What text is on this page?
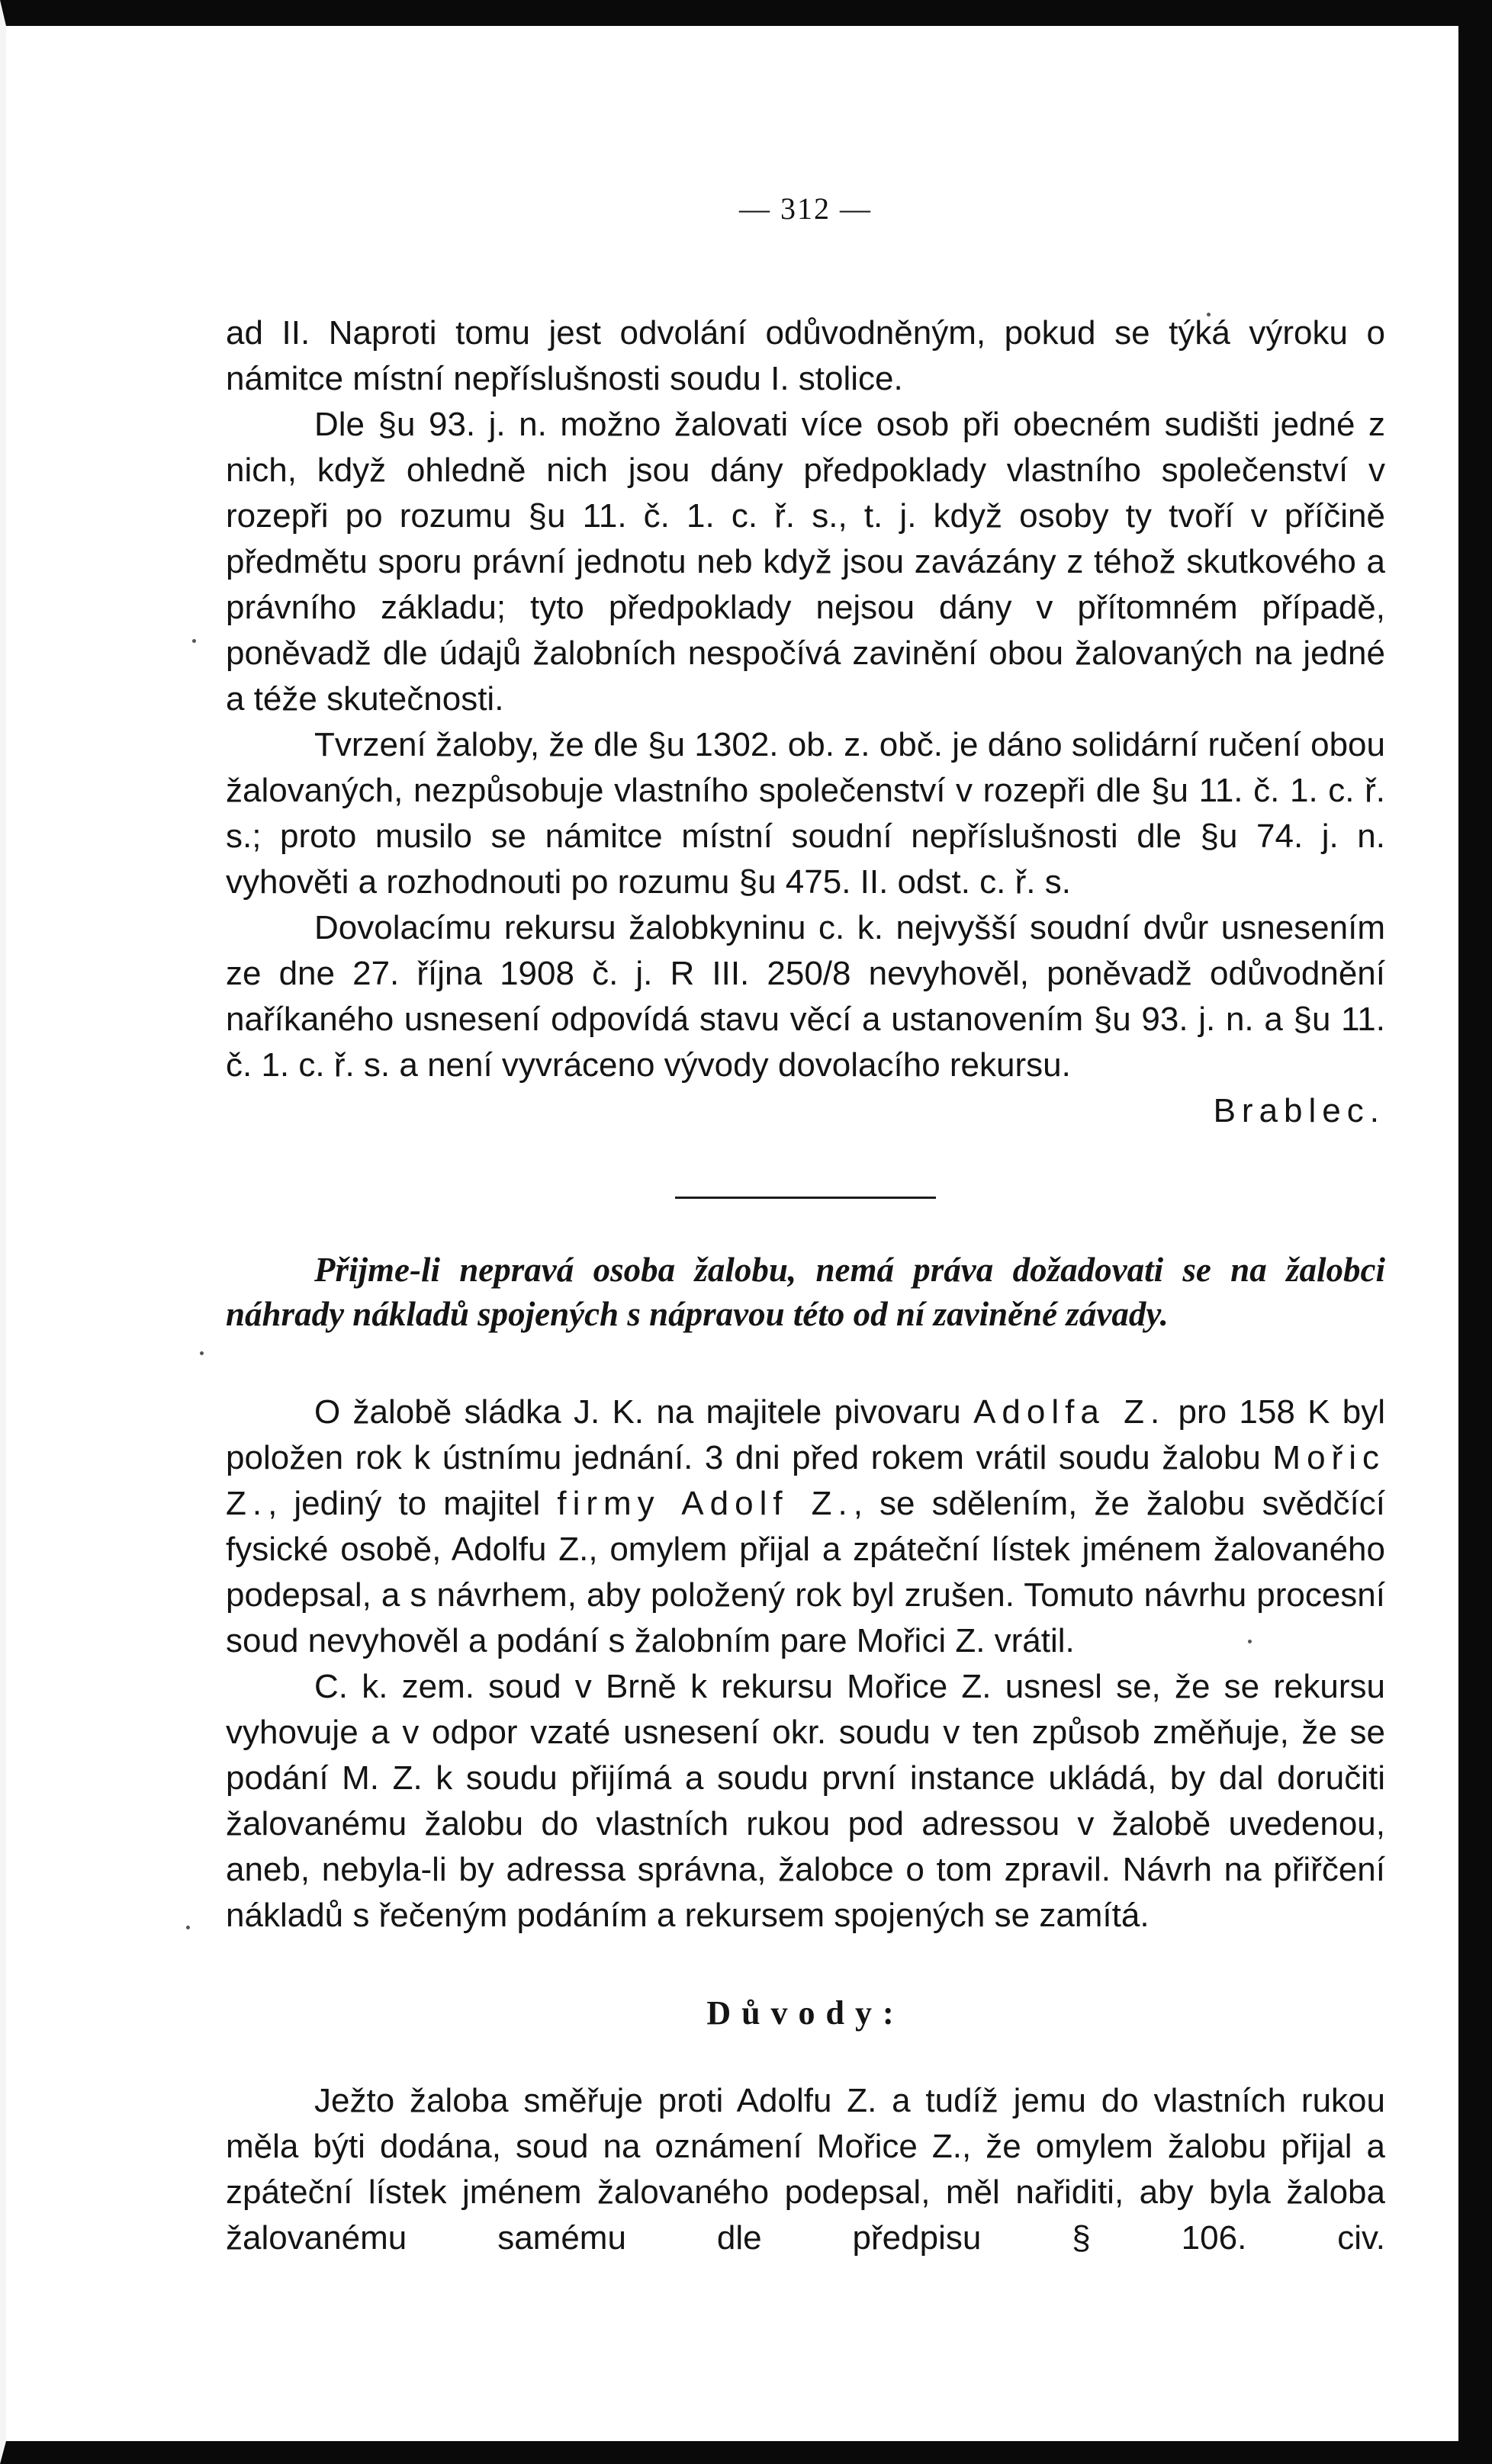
— 312 —

ad II. Naproti tomu jest odvolání odůvodněným, pokud se týká výroku o námitce místní nepříslušnosti soudu I. stolice.

Dle §u 93. j. n. možno žalovati více osob při obecném sudišti jedné z nich, když ohledně nich jsou dány předpoklady vlastního společenství v rozepři po rozumu §u 11. č. 1. c. ř. s., t. j. když osoby ty tvoří v příčině předmětu sporu právní jednotu neb když jsou zavázány z téhož skutkového a právního základu; tyto předpoklady nejsou dány v přítomném případě, poněvadž dle údajů žalobních nespočívá zavinění obou žalovaných na jedné a téže skutečnosti.

Tvrzení žaloby, že dle §u 1302. ob. z. obč. je dáno solidární ručení obou žalovaných, nezpůsobuje vlastního společenství v rozepři dle §u 11. č. 1. c. ř. s.; proto musilo se námitce místní soudní nepříslušnosti dle §u 74. j. n. vyhověti a rozhodnouti po rozumu §u 475. II. odst. c. ř. s.

Dovolacímu rekursu žalobkyninu c. k. nejvyšší soudní dvůr usnesením ze dne 27. října 1908 č. j. R III. 250/8 nevyhověl, poněvadž odůvodnění naříkaného usnesení odpovídá stavu věcí a ustanovením §u 93. j. n. a §u 11. č. 1. c. ř. s. a není vyvráceno vývody dovolacího rekursu.

Brablec.

Přijme-li nepravá osoba žalobu, nemá práva dožadovati se na žalobci náhrady nákladů spojených s nápravou této od ní zaviněné závady.

O žalobě sládka J. K. na majitele pivovaru Adolfa Z. pro 158 K byl položen rok k ústnímu jednání. 3 dni před rokem vrátil soudu žalobu Mořic Z., jediný to majitel firmy Adolf Z., se sdělením, že žalobu svědčící fysické osobě, Adolfu Z., omylem přijal a zpáteční lístek jménem žalovaného podepsal, a s návrhem, aby položený rok byl zrušen. Tomuto návrhu procesní soud nevyhověl a podání s žalobním pare Mořici Z. vrátil.

C. k. zem. soud v Brně k rekursu Mořice Z. usnesl se, že se rekursu vyhovuje a v odpor vzaté usnesení okr. soudu v ten způsob změňuje, že se podání M. Z. k soudu přijímá a soudu první instance ukládá, by dal doručiti žalovanému žalobu do vlastních rukou pod adressou v žalobě uvedenou, aneb, nebyla-li by adressa správna, žalobce o tom zpravil. Návrh na přiřčení nákladů s řečeným podáním a rekursem spojených se zamítá.

Důvody:

Ježto žaloba směřuje proti Adolfu Z. a tudíž jemu do vlastních rukou měla býti dodána, soud na oznámení Mořice Z., že omylem žalobu přijal a zpáteční lístek jménem žalovaného podepsal, měl nařiditi, aby byla žaloba žalovanému samému dle předpisu § 106. civ.
